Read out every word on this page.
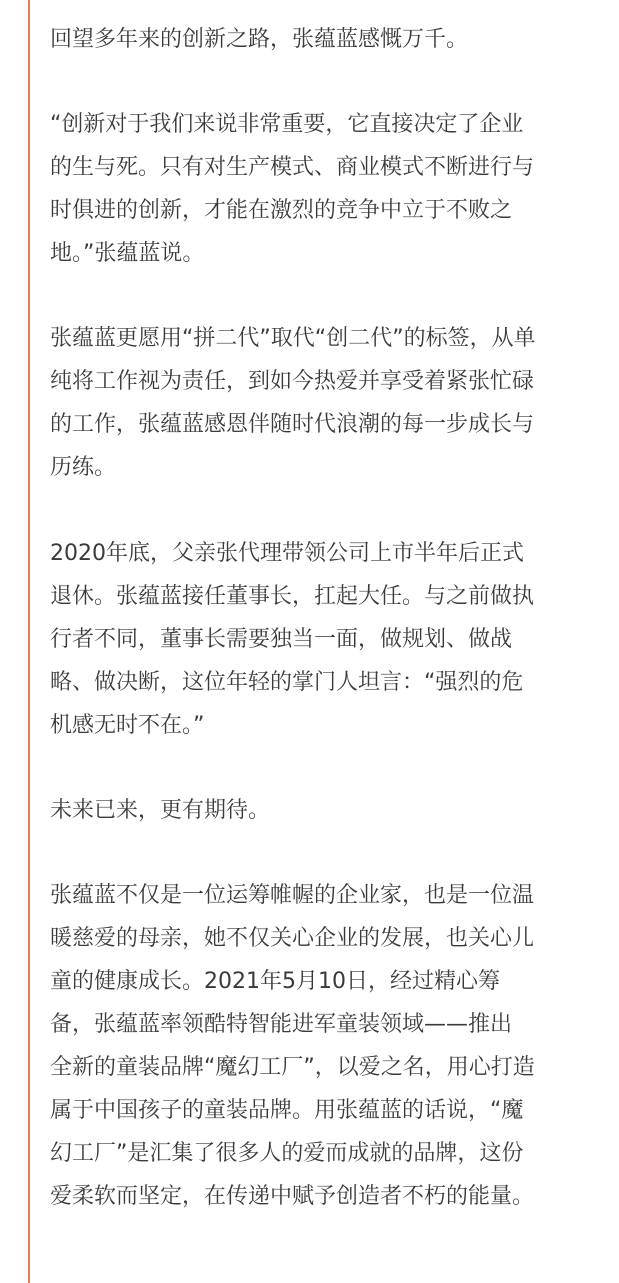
回望多年来的创新之路，张蕴蓝感慨万千。

“创新对于我们来说非常重要，它直接决定了企业
的生与死。只有对生产模式、商业模式不断进行与
时俱进的创新，才能在激烈的竞争中立于不败之
地。”张蕴蓝说。

张蕴蓝更愿用“拼二代”取代“创二代”的标签，从单
纯将工作视为责任，到如今热爱并享受着紧张忙碌
的工作，张蕴蓝感恩伴随时代浪潮的每一步成长与
历练。

2020年底，父亲张代理带领公司上市半年后正式
退休。张蕴蓝接任董事长，扛起大任。与之前做执
行者不同，董事长需要独当一面，做规划、做战
略、做决断，这位年轻的掌门人坦言：“强烈的危
机感无时不在。”

未来已来，更有期待。

张蕴蓝不仅是一位运筹帷幄的企业家，也是一位温
暖慈爱的母亲，她不仅关心企业的发展，也关心儿
童的健康成长。2021年5月10日，经过精心筹
备，张蕴蓝率领酷特智能进军童装领域——推出
全新的童装品牌“魔幻工厂”，以爱之名，用心打造
属于中国孩子的童装品牌。用张蕴蓝的话说，“魔
幻工厂”是汇集了很多人的爱而成就的品牌，这份
爱柔软而坚定，在传递中赋予创造者不朽的能量。
